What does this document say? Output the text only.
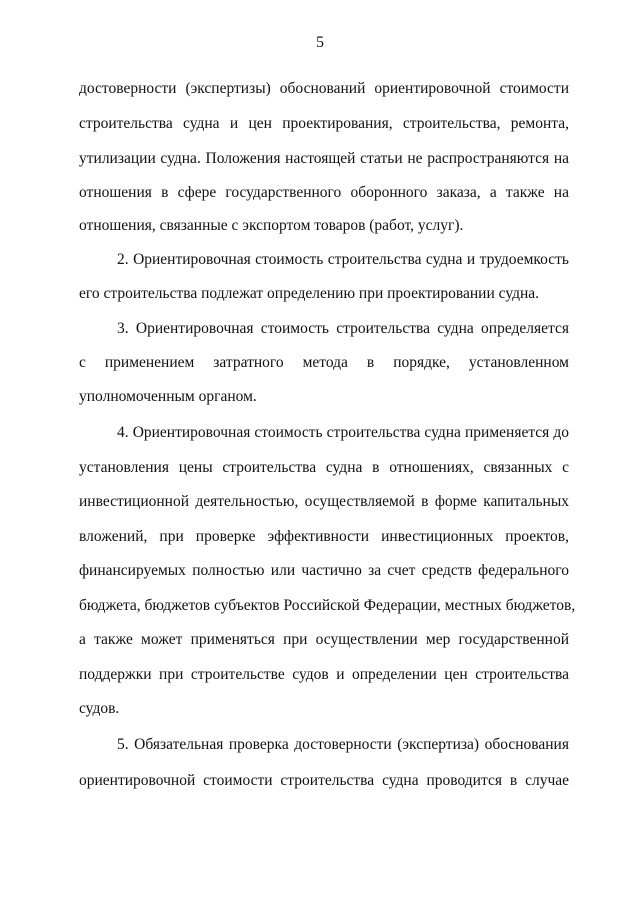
5
достоверности (экспертизы) обоснований ориентировочной стоимости
строительства судна и цен проектирования, строительства, ремонта,
утилизации судна. Положения настоящей статьи не распространяются на
отношения в сфере государственного оборонного заказа, а также на
отношения, связанные с экспортом товаров (работ, услуг).
2. Ориентировочная стоимость строительства судна и трудоемкость
его строительства подлежат определению при проектировании судна.
3. Ориентировочная стоимость строительства судна определяется
с применением затратного метода в порядке, установленном
уполномоченным органом.
4. Ориентировочная стоимость строительства судна применяется до
установления цены строительства судна в отношениях, связанных с
инвестиционной деятельностью, осуществляемой в форме капитальных
вложений, при проверке эффективности инвестиционных проектов,
финансируемых полностью или частично за счет средств федерального
бюджета, бюджетов субъектов Российской Федерации, местных бюджетов,
а также может применяться при осуществлении мер государственной
поддержки при строительстве судов и определении цен строительства
судов.
5. Обязательная проверка достоверности (экспертиза) обоснования
ориентировочной стоимости строительства судна проводится в случае
